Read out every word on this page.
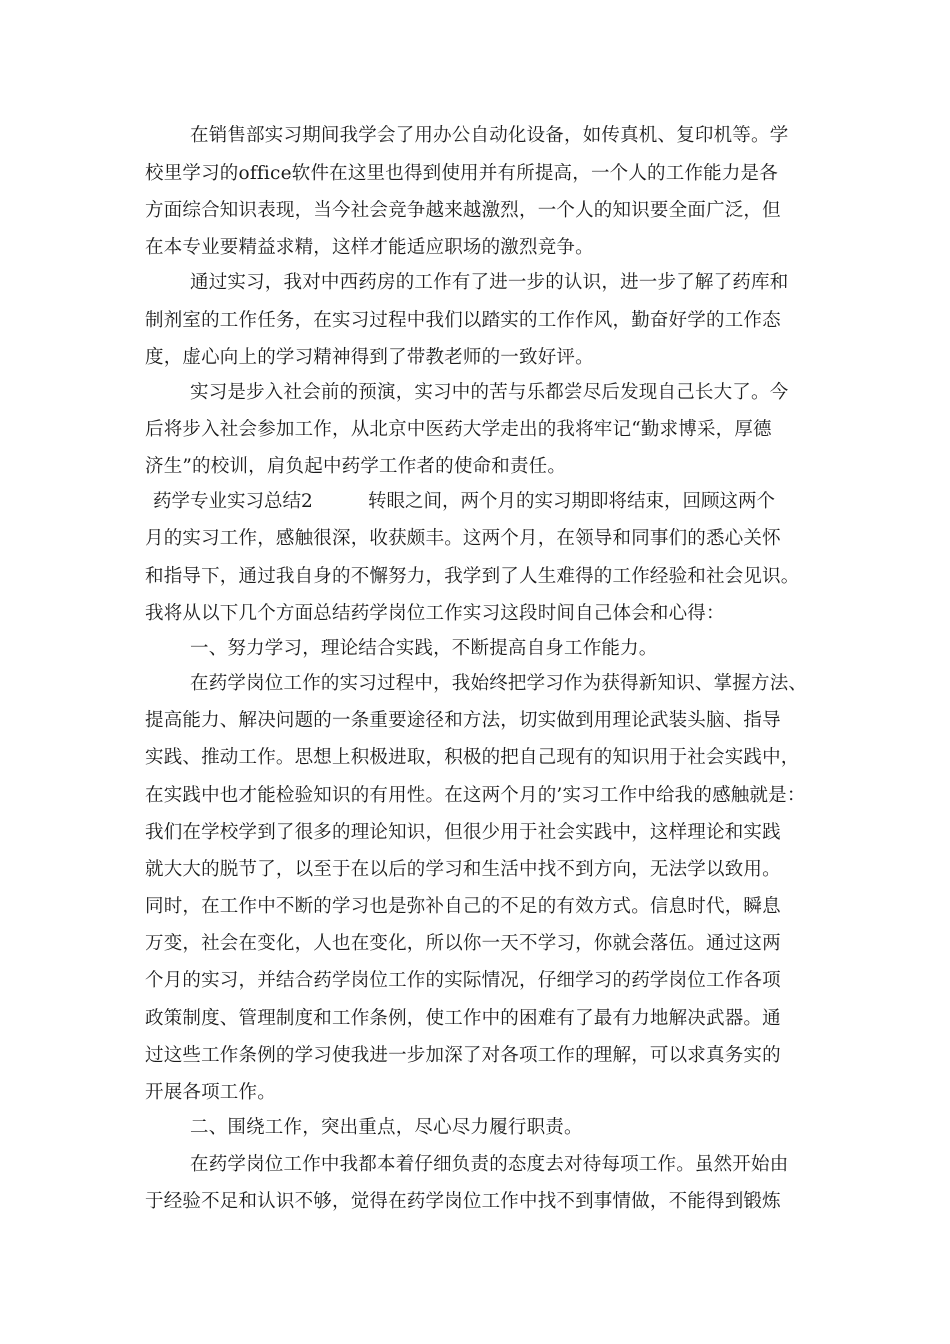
在销售部实习期间我学会了用办公自动化设备，如传真机、复印机等。学
校里学习的office软件在这里也得到使用并有所提高，一个人的工作能力是各
方面综合知识表现，当今社会竞争越来越激烈，一个人的知识要全面广泛，但
在本专业要精益求精，这样才能适应职场的激烈竞争。
通过实习，我对中西药房的工作有了进一步的认识，进一步了解了药库和
制剂室的工作任务，在实习过程中我们以踏实的工作作风，勤奋好学的工作态
度，虚心向上的学习精神得到了带教老师的一致好评。
实习是步入社会前的预演，实习中的苦与乐都尝尽后发现自己长大了。今
后将步入社会参加工作，从北京中医药大学走出的我将牢记“勤求博采，厚德
济生”的校训，肩负起中药学工作者的使命和责任。
药学专业实习总结2	转眼之间，两个月的实习期即将结束，回顾这两个
月的实习工作，感触很深，收获颇丰。这两个月，在领导和同事们的悉心关怀
和指导下，通过我自身的不懈努力，我学到了人生难得的工作经验和社会见识。
我将从以下几个方面总结药学岗位工作实习这段时间自己体会和心得：
一、努力学习，理论结合实践，不断提高自身工作能力。
在药学岗位工作的实习过程中，我始终把学习作为获得新知识、掌握方法、
提高能力、解决问题的一条重要途径和方法，切实做到用理论武装头脑、指导
实践、推动工作。思想上积极进取，积极的把自己现有的知识用于社会实践中，
在实践中也才能检验知识的有用性。在这两个月的’实习工作中给我的感触就是：
我们在学校学到了很多的理论知识，但很少用于社会实践中，这样理论和实践
就大大的脱节了，以至于在以后的学习和生活中找不到方向，无法学以致用。
同时，在工作中不断的学习也是弥补自己的不足的有效方式。信息时代，瞬息
万变，社会在变化，人也在变化，所以你一天不学习，你就会落伍。通过这两
个月的实习，并结合药学岗位工作的实际情况，仔细学习的药学岗位工作各项
政策制度、管理制度和工作条例，使工作中的困难有了最有力地解决武器。通
过这些工作条例的学习使我进一步加深了对各项工作的理解，可以求真务实的
开展各项工作。
二、围绕工作，突出重点，尽心尽力履行职责。
在药学岗位工作中我都本着仔细负责的态度去对待每项工作。虽然开始由
于经验不足和认识不够，觉得在药学岗位工作中找不到事情做，不能得到锻炼
